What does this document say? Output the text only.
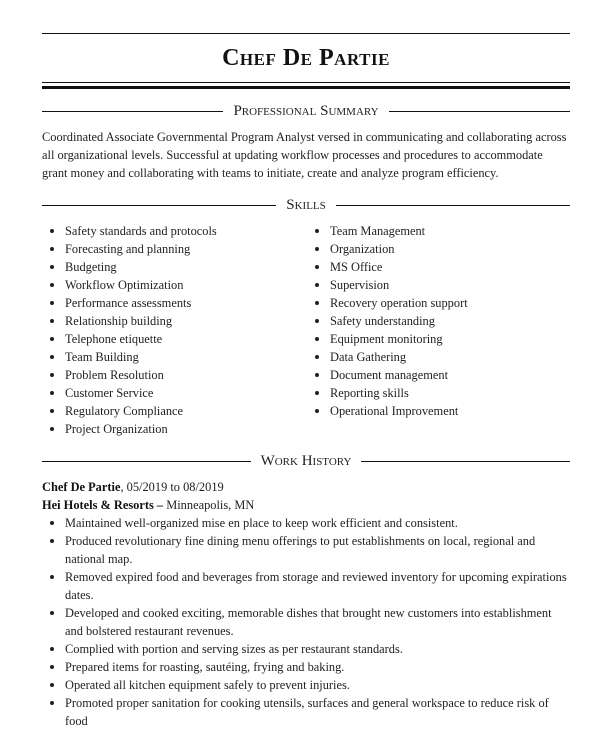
Chef De Partie
Professional Summary
Coordinated Associate Governmental Program Analyst versed in communicating and collaborating across all organizational levels. Successful at updating workflow processes and procedures to accommodate grant money and collaborating with teams to initiate, create and analyze program efficiency.
Skills
Safety standards and protocols
Forecasting and planning
Budgeting
Workflow Optimization
Performance assessments
Relationship building
Telephone etiquette
Team Building
Problem Resolution
Customer Service
Regulatory Compliance
Project Organization
Team Management
Organization
MS Office
Supervision
Recovery operation support
Safety understanding
Equipment monitoring
Data Gathering
Document management
Reporting skills
Operational Improvement
Work History
Chef De Partie, 05/2019 to 08/2019
Hei Hotels & Resorts – Minneapolis, MN
Maintained well-organized mise en place to keep work efficient and consistent.
Produced revolutionary fine dining menu offerings to put establishments on local, regional and national map.
Removed expired food and beverages from storage and reviewed inventory for upcoming expirations dates.
Developed and cooked exciting, memorable dishes that brought new customers into establishment and bolstered restaurant revenues.
Complied with portion and serving sizes as per restaurant standards.
Prepared items for roasting, sautéing, frying and baking.
Operated all kitchen equipment safely to prevent injuries.
Promoted proper sanitation for cooking utensils, surfaces and general workspace to reduce risk of food
